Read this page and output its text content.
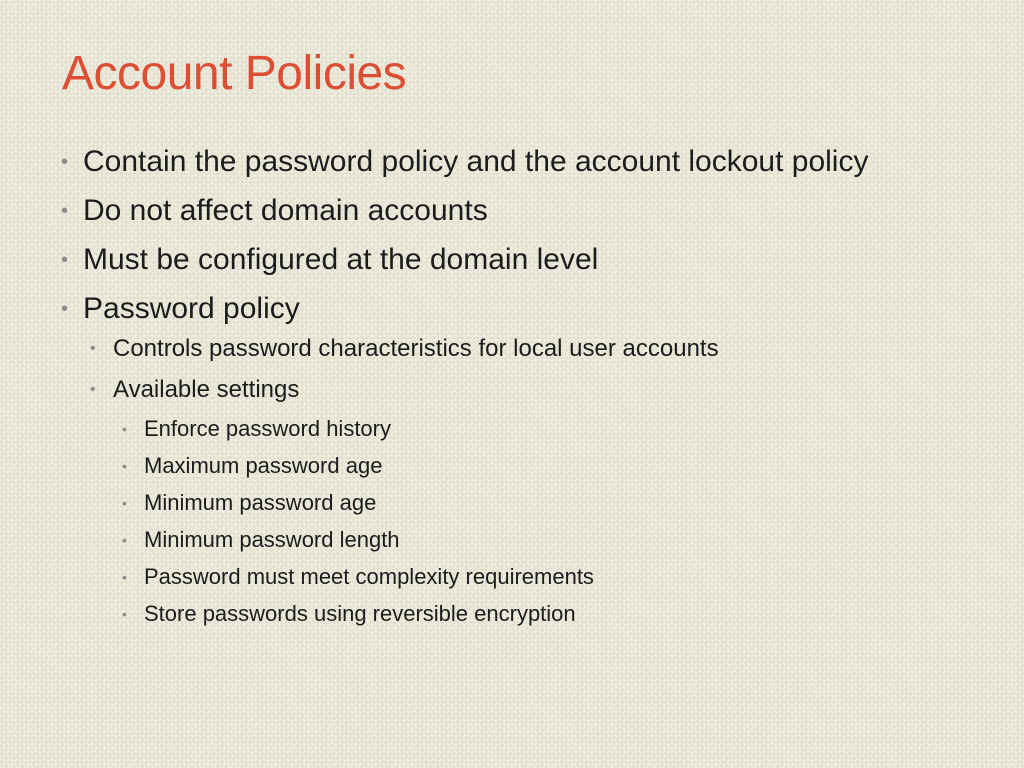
Account Policies
• Contain the password policy and the account lockout policy
• Do not affect domain accounts
• Must be configured at the domain level
• Password policy
• Controls password characteristics for local user accounts
• Available settings
• Enforce password history
• Maximum password age
• Minimum password age
• Minimum password length
• Password must meet complexity requirements
• Store passwords using reversible encryption
